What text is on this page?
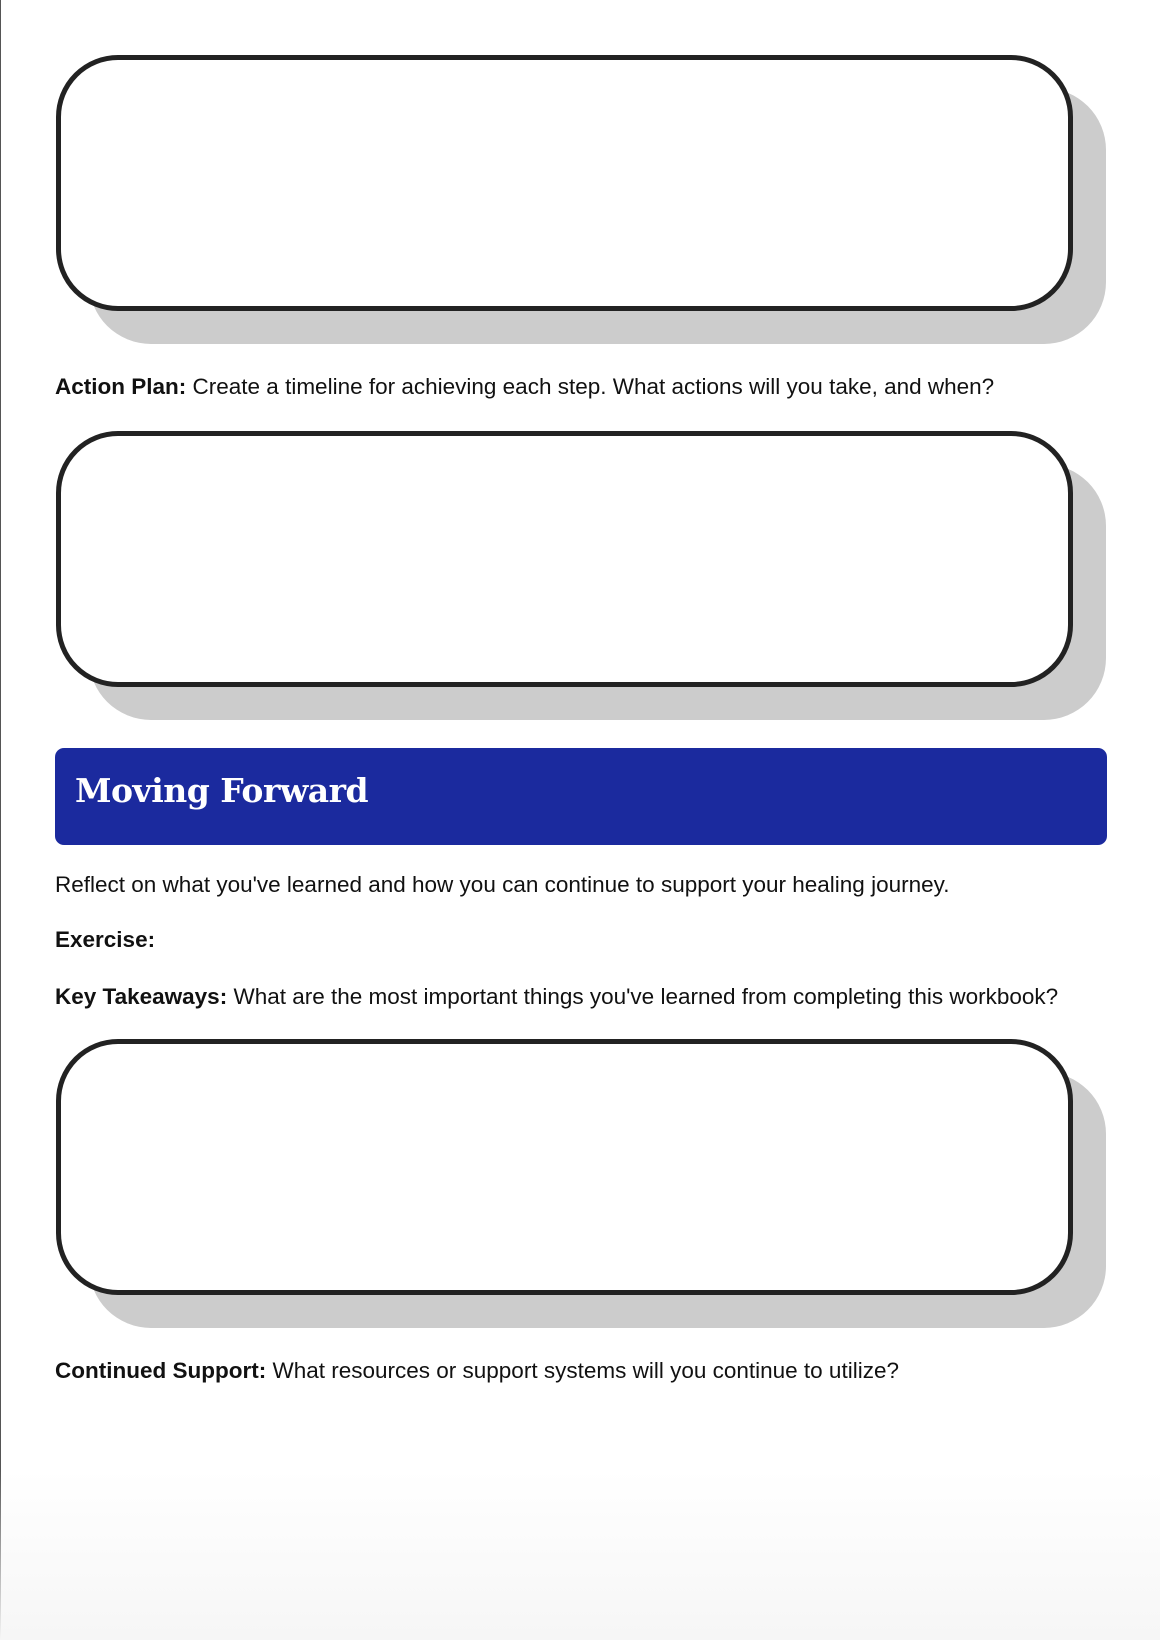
Action Plan: Create a timeline for achieving each step. What actions will you take, and when?

Moving Forward

Reflect on what you've learned and how you can continue to support your healing journey.

Exercise:

Key Takeaways: What are the most important things you've learned from completing this workbook?

Continued Support: What resources or support systems will you continue to utilize?
